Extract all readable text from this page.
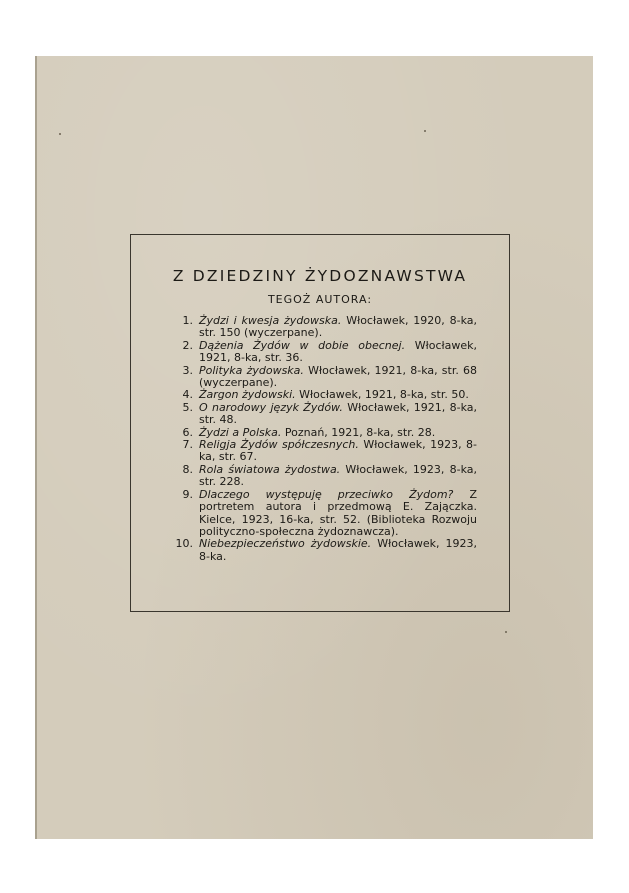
Z DZIEDZINY ŻYDOZNAWSTWA
TEGOŻ AUTORA:
1. Żydzi i kwesja żydowska. Włocławek, 1920, 8-ka, str. 150 (wyczerpane).
2. Dążenia Żydów w dobie obecnej. Włocławek, 1921, 8-ka, str. 36.
3. Polityka żydowska. Włocławek, 1921, 8-ka, str. 68 (wyczerpane).
4. Żargon żydowski. Włocławek, 1921, 8-ka, str. 50.
5. O narodowy język Żydów. Włocławek, 1921, 8-ka, str. 48.
6. Żydzi a Polska. Poznań, 1921, 8-ka, str. 28.
7. Religja Żydów spółczesnych. Włocławek, 1923, 8-ka, str. 67.
8. Rola światowa żydostwa. Włocławek, 1923, 8-ka, str. 228.
9. Dlaczego występuję przeciwko Żydom? Z portretem autora i przedmową E. Zajączka. Kielce, 1923, 16-ka, str. 52. (Biblioteka Rozwoju polityczno-społeczna żydoznawcza).
10. Niebezpieczeństwo żydowskie. Włocławek, 1923, 8-ka.
